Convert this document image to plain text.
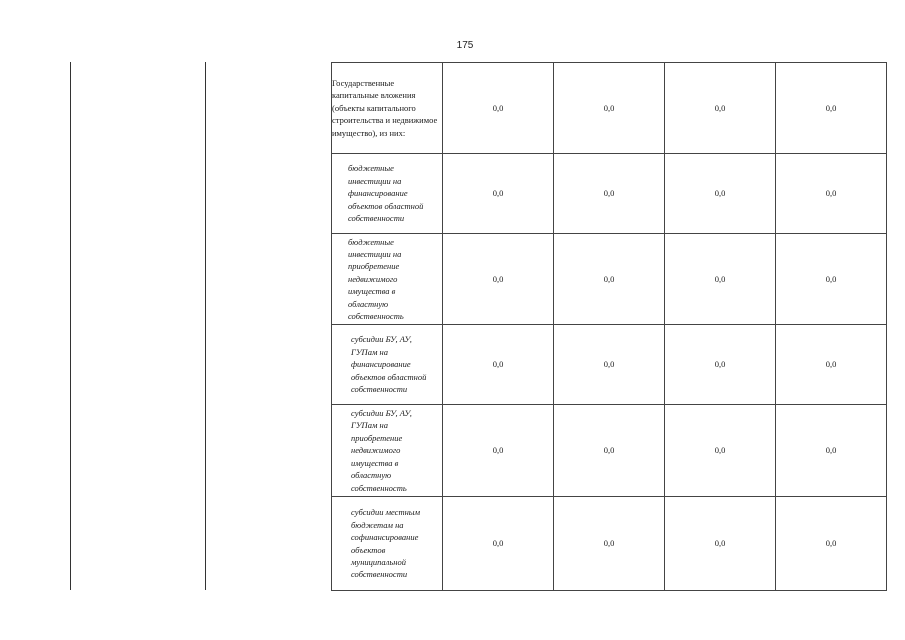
175
Государственные капитальные вложения (объекты капитального строительства и недвижимое имущество), из них:	0,0	0,0	0,0	0,0
бюджетные инвестиции на финансирование объектов областной собственности	0,0	0,0	0,0	0,0
бюджетные инвестиции на приобретение недвижимого имущества в областную собственность	0,0	0,0	0,0	0,0
субсидии БУ, АУ, ГУПам на финансирование объектов областной собственности	0,0	0,0	0,0	0,0
субсидии БУ, АУ, ГУПам на приобретение недвижимого имущества в областную собственность	0,0	0,0	0,0	0,0
субсидии местным бюджетам на софинансирование объектов муниципальной собственности	0,0	0,0	0,0	0,0
